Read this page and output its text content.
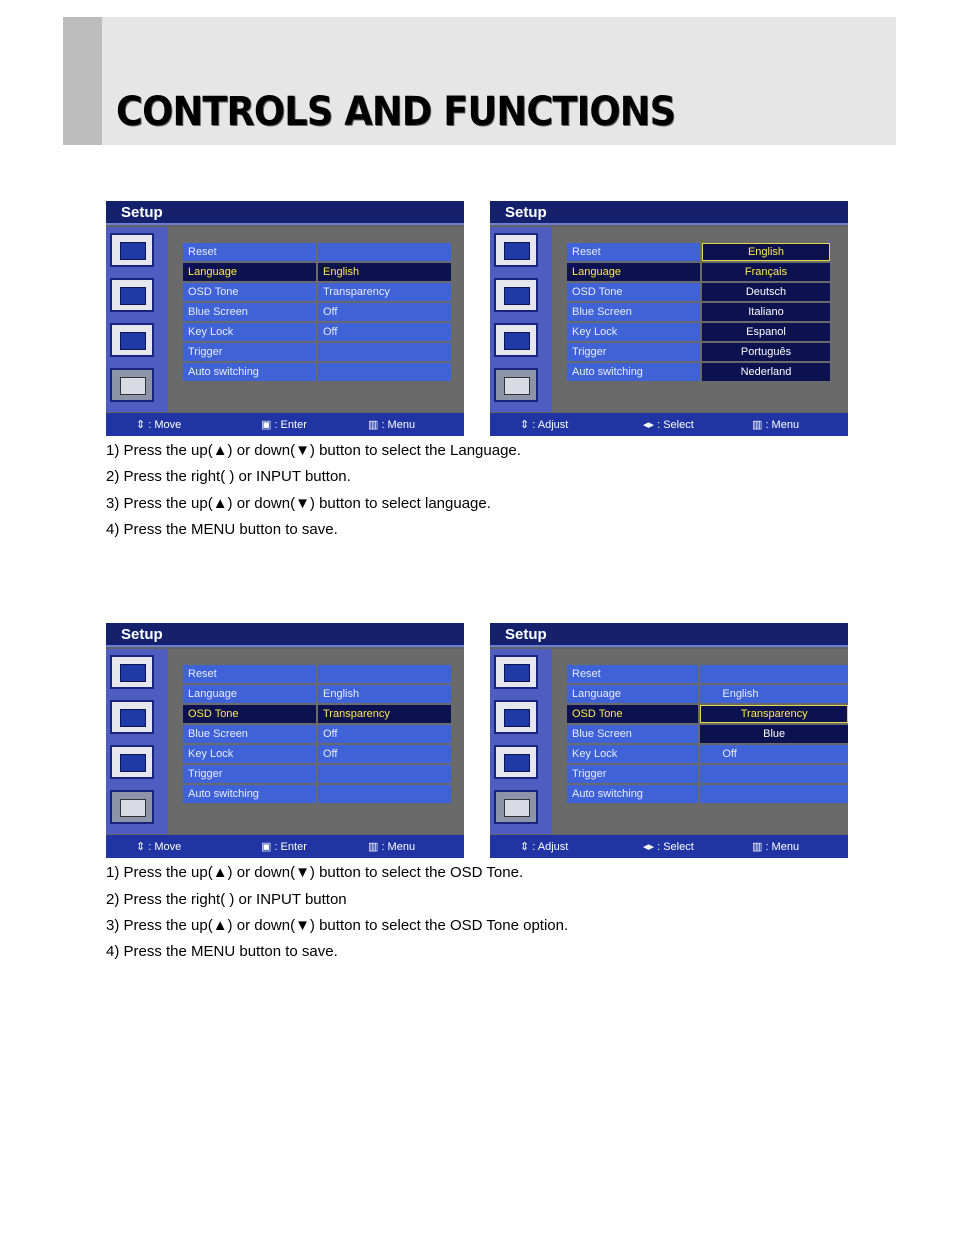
CONTROLS AND FUNCTIONS
Setup
Reset	
Language	English
OSD Tone	Transparency
Blue Screen	Off
Key Lock	Off
Trigger	
Auto switching	
⇕ : Move	▣ : Enter	▥ : Menu
Setup
Reset	English
Language	Français
OSD Tone	Deutsch
Blue Screen	Italiano
Key Lock	Espanol
Trigger	Português
Auto switching	Nederland
⇕ : Adjust	◂▸ : Select	▥ : Menu
1) Press the up(▲) or down(▼) button to select the Language.
2) Press the right( ) or INPUT button.
3) Press the up(▲) or down(▼) button to select language.
4) Press the MENU button to save.
Setup
Reset	
Language	English
OSD Tone	Transparency
Blue Screen	Off
Key Lock	Off
Trigger	
Auto switching	
⇕ : Move	▣ : Enter	▥ : Menu
Setup
Reset	
Language	English
OSD Tone	Transparency
Blue Screen	Blue
Key Lock	Off
Trigger	
Auto switching	
⇕ : Adjust	◂▸ : Select	▥ : Menu
1) Press the up(▲) or down(▼) button to select the OSD Tone.
2) Press the right( ) or INPUT button
3) Press the up(▲) or down(▼) button to select the OSD Tone option.
4) Press the MENU button to save.
